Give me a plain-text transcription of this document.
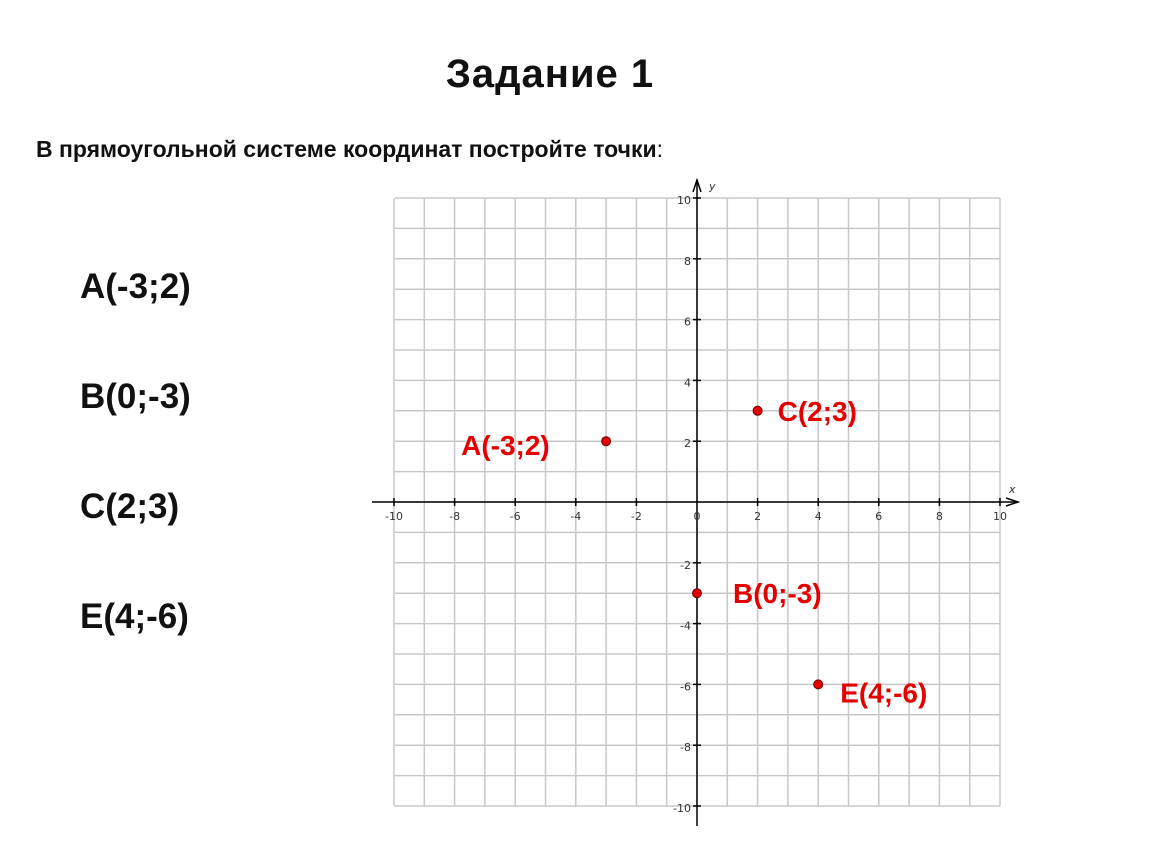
Задание 1
В прямоугольной системе координат постройте точки:
A(-3;2)
B(0;-3)
C(2;3)
E(4;-6)
x
y
-10	-8	-6	-4	-2	0	2	4	6	8	10
10
8
6
4
2
-2
-4
-6
-8
-10
A(-3;2)
B(0;-3)
C(2;3)
E(4;-6)
